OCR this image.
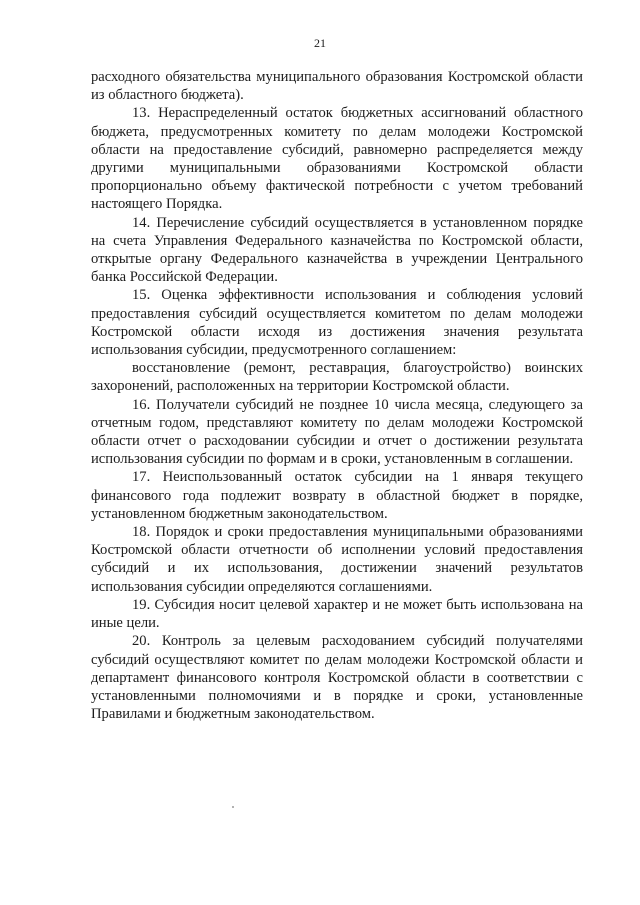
21

расходного обязательства муниципального образования Костромской области из областного бюджета).

13. Нераспределенный остаток бюджетных ассигнований областного бюджета, предусмотренных комитету по делам молодежи Костромской области на предоставление субсидий, равномерно распределяется между другими муниципальными образованиями Костромской области пропорционально объему фактической потребности с учетом требований настоящего Порядка.

14. Перечисление субсидий осуществляется в установленном порядке на счета Управления Федерального казначейства по Костромской области, открытые органу Федерального казначейства в учреждении Центрального банка Российской Федерации.

15. Оценка эффективности использования и соблюдения условий предоставления субсидий осуществляется комитетом по делам молодежи Костромской области исходя из достижения значения результата использования субсидии, предусмотренного соглашением:

восстановление (ремонт, реставрация, благоустройство) воинских захоронений, расположенных на территории Костромской области.

16. Получатели субсидий не позднее 10 числа месяца, следующего за отчетным годом, представляют комитету по делам молодежи Костромской области отчет о расходовании субсидии и отчет о достижении результата использования субсидии по формам и в сроки, установленным в соглашении.

17. Неиспользованный остаток субсидии на 1 января текущего финансового года подлежит возврату в областной бюджет в порядке, установленном бюджетным законодательством.

18. Порядок и сроки предоставления муниципальными образованиями Костромской области отчетности об исполнении условий предоставления субсидий и их использования, достижении значений результатов использования субсидии определяются соглашениями.

19. Субсидия носит целевой характер и не может быть использована на иные цели.

20. Контроль за целевым расходованием субсидий получателями субсидий осуществляют комитет по делам молодежи Костромской области и департамент финансового контроля Костромской области в соответствии с установленными полномочиями и в порядке и сроки, установленные Правилами и бюджетным законодательством.
